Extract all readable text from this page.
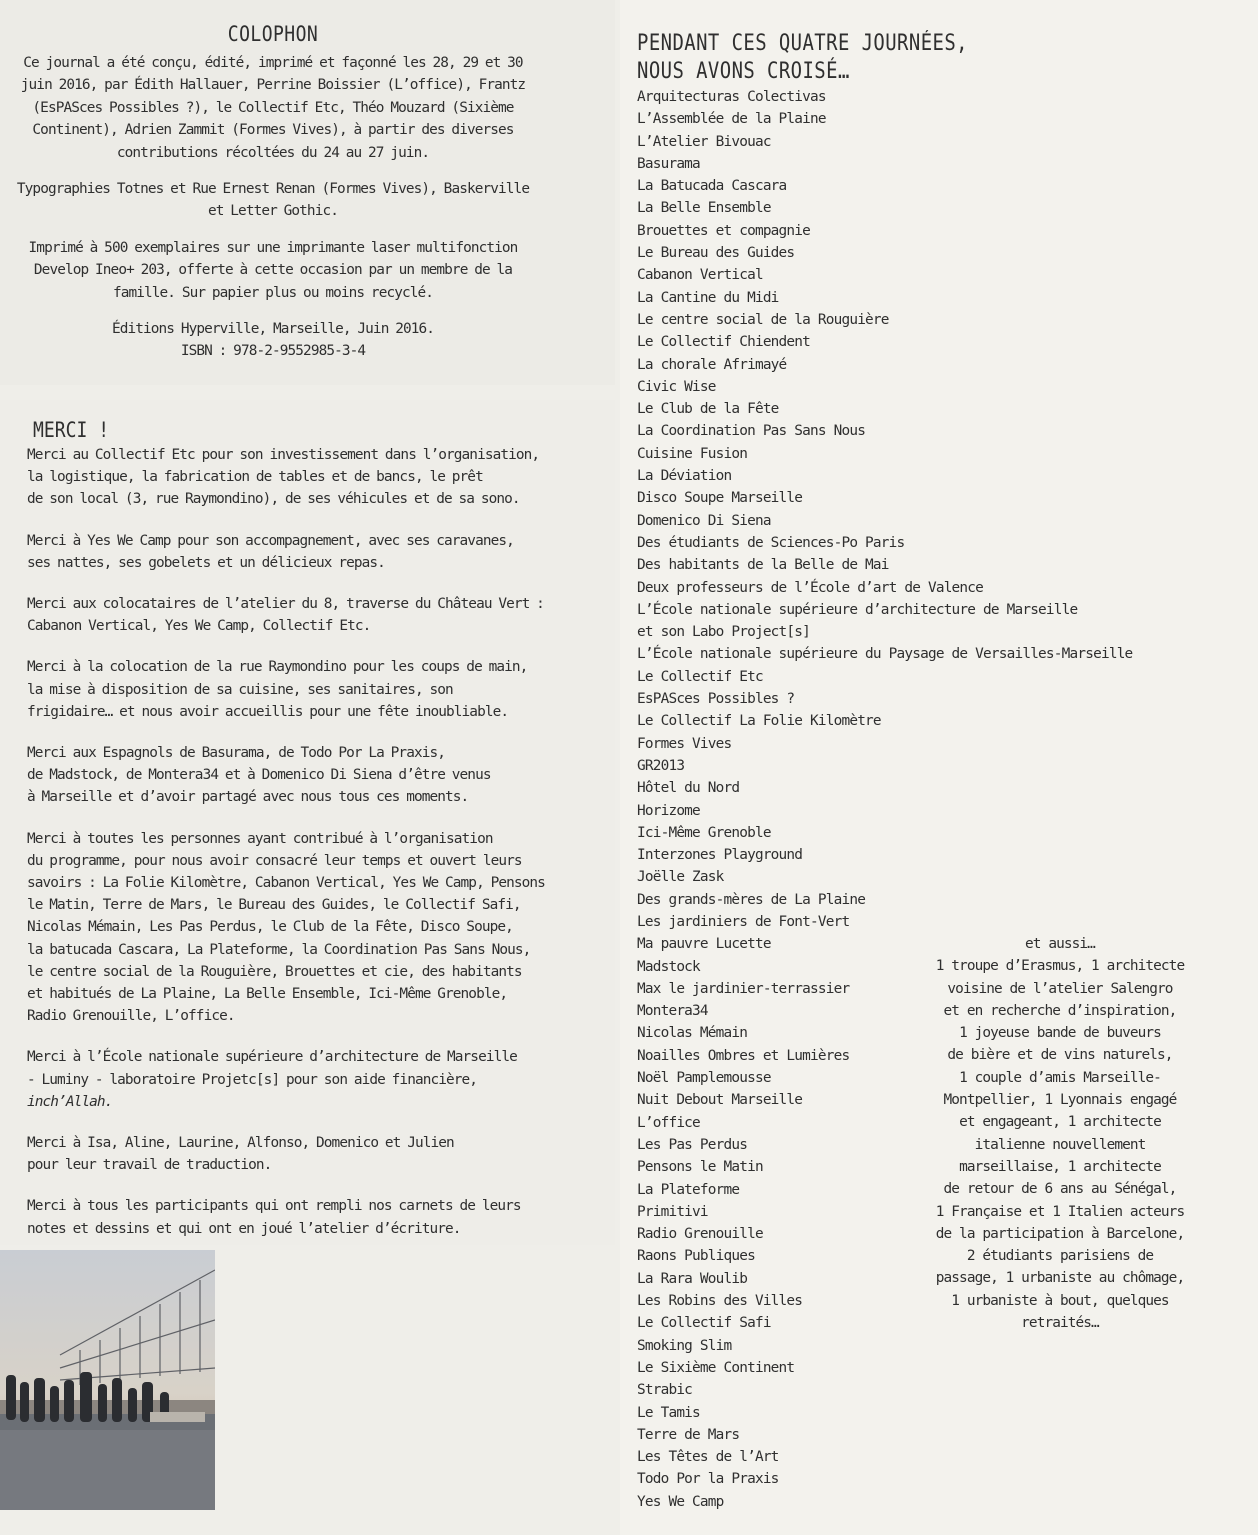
COLOPHON

Ce journal a été conçu, édité, imprimé et façonné les 28, 29 et 30 juin 2016, par Édith Hallauer, Perrine Boissier (L’office), Frantz (EsPASces Possibles ?), le Collectif Etc, Théo Mouzard (Sixième Continent), Adrien Zammit (Formes Vives), à partir des diverses contributions récoltées du 24 au 27 juin.

Typographies Totnes et Rue Ernest Renan (Formes Vives), Baskerville et Letter Gothic.

Imprimé à 500 exemplaires sur une imprimante laser multifonction Develop Ineo+ 203, offerte à cette occasion par un membre de la famille. Sur papier plus ou moins recyclé.

Éditions Hyperville, Marseille, Juin 2016.
ISBN : 978-2-9552985-3-4

MERCI !

Merci au Collectif Etc pour son investissement dans l’organisation,
la logistique, la fabrication de tables et de bancs, le prêt
de son local (3, rue Raymondino), de ses véhicules et de sa sono.

Merci à Yes We Camp pour son accompagnement, avec ses caravanes,
ses nattes, ses gobelets et un délicieux repas.

Merci aux colocataires de l’atelier du 8, traverse du Château Vert :
Cabanon Vertical, Yes We Camp, Collectif Etc.

Merci à la colocation de la rue Raymondino pour les coups de main,
la mise à disposition de sa cuisine, ses sanitaires, son
frigidaire… et nous avoir accueillis pour une fête inoubliable.

Merci aux Espagnols de Basurama, de Todo Por La Praxis,
de Madstock, de Montera34 et à Domenico Di Siena d’être venus
à Marseille et d’avoir partagé avec nous tous ces moments.

Merci à toutes les personnes ayant contribué à l’organisation
du programme, pour nous avoir consacré leur temps et ouvert leurs
savoirs : La Folie Kilomètre, Cabanon Vertical, Yes We Camp, Pensons
le Matin, Terre de Mars, le Bureau des Guides, le Collectif Safi,
Nicolas Mémain, Les Pas Perdus, le Club de la Fête, Disco Soupe,
la batucada Cascara, La Plateforme, la Coordination Pas Sans Nous,
le centre social de la Rouguière, Brouettes et cie, des habitants
et habitués de La Plaine, La Belle Ensemble, Ici-Même Grenoble,
Radio Grenouille, L’office.

Merci à l’École nationale supérieure d’architecture de Marseille
- Luminy - laboratoire Projetc[s] pour son aide financière,

inch’Allah.

Merci à Isa, Aline, Laurine, Alfonso, Domenico et Julien
pour leur travail de traduction.

Merci à tous les participants qui ont rempli nos carnets de leurs
notes et dessins et qui ont en joué l’atelier d’écriture.

PENDANT CES QUATRE JOURNÉES,
NOUS AVONS CROISÉ…
Arquitecturas Colectivas
L’Assemblée de la Plaine
L’Atelier Bivouac
Basurama
La Batucada Cascara
La Belle Ensemble
Brouettes et compagnie
Le Bureau des Guides
Cabanon Vertical
La Cantine du Midi
Le centre social de la Rouguière
Le Collectif Chiendent
La chorale Afrimayé
Civic Wise
Le Club de la Fête
La Coordination Pas Sans Nous
Cuisine Fusion
La Déviation
Disco Soupe Marseille
Domenico Di Siena
Des étudiants de Sciences-Po Paris
Des habitants de la Belle de Mai
Deux professeurs de l’École d’art de Valence
L’École nationale supérieure d’architecture de Marseille
et son Labo Project[s]
L’École nationale supérieure du Paysage de Versailles-Marseille
Le Collectif Etc
EsPASces Possibles ?
Le Collectif La Folie Kilomètre
Formes Vives
GR2013
Hôtel du Nord
Horizome
Ici-Même Grenoble
Interzones Playground
Joëlle Zask
Des grands-mères de La Plaine
Les jardiniers de Font-Vert
Ma pauvre Lucette
Madstock
Max le jardinier-terrassier
Montera34
Nicolas Mémain
Noailles Ombres et Lumières
Noël Pamplemousse
Nuit Debout Marseille
L’office
Les Pas Perdus
Pensons le Matin
La Plateforme
Primitivi
Radio Grenouille
Raons Publiques
La Rara Woulib
Les Robins des Villes
Le Collectif Safi
Smoking Slim
Le Sixième Continent
Strabic
Le Tamis
Terre de Mars
Les Têtes de l’Art
Todo Por la Praxis
Yes We Camp

et aussi…

1 troupe d’Erasmus, 1 architecte

voisine de l’atelier Salengro

et en recherche d’inspiration,

1 joyeuse bande de buveurs

de bière et de vins naturels,

1 couple d’amis Marseille-

Montpellier, 1 Lyonnais engagé

et engageant, 1 architecte

italienne nouvellement

marseillaise, 1 architecte

de retour de 6 ans au Sénégal,

1 Française et 1 Italien acteurs

de la participation à Barcelone,

2 étudiants parisiens de

passage, 1 urbaniste au chômage,

1 urbaniste à bout, quelques

retraités…
